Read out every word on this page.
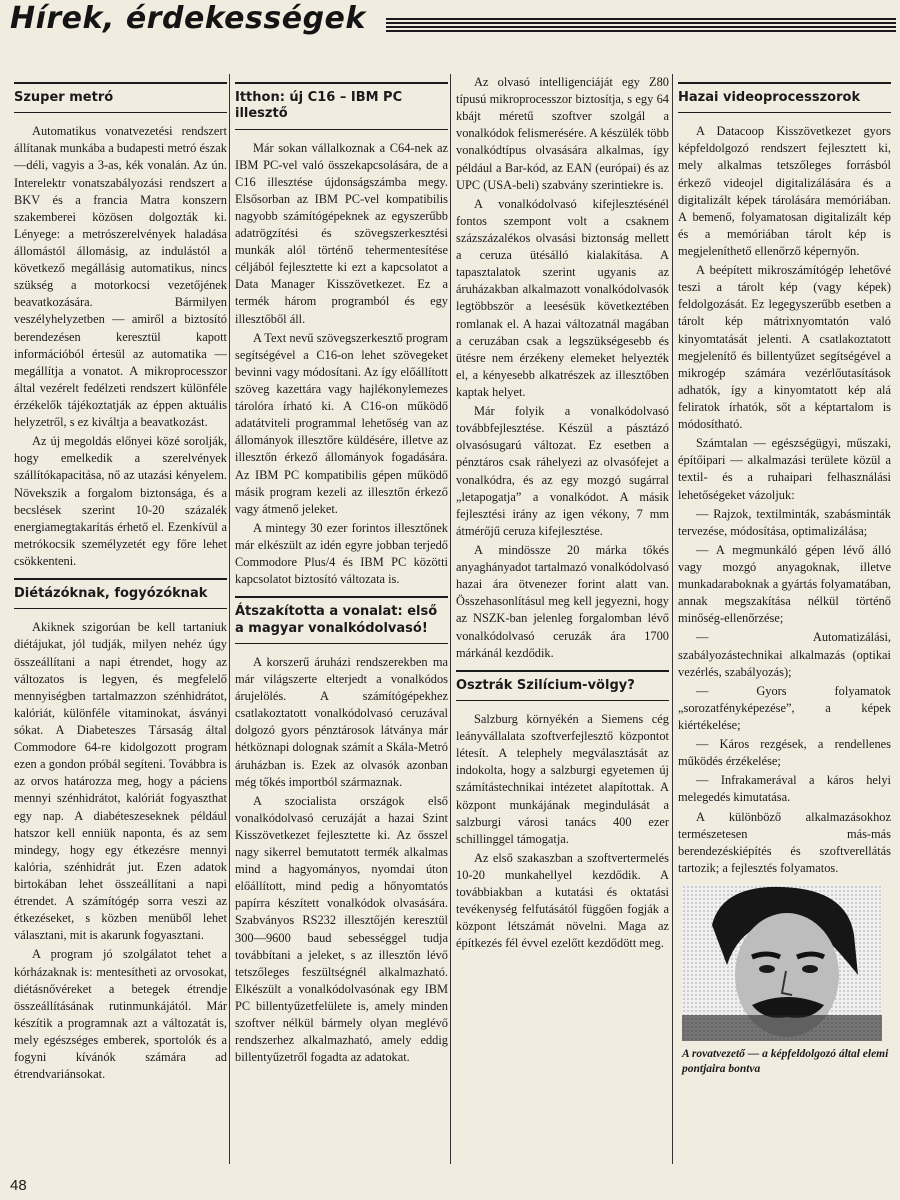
Hírek, érdekességek
Szuper metró

Automatikus vonatvezetési rendszert állítanak munkába a budapesti metró észak—déli, vagyis a 3-as, kék vonalán. Az ún. Interelektr vonatszabályozási rendszert a BKV és a francia Matra konszern szakemberei közösen dolgozták ki. Lényege: a metrószerelvények haladása állomástól állomásig, az indulástól a következő megállásig automatikus, nincs szükség a motorkocsi vezetőjének beavatkozására. Bármilyen veszélyhelyzetben — amiről a biztosító berendezésen keresztül kapott információból értesül az automatika — megállítja a vonatot. A mikroprocesszor által vezérelt fedélzeti rendszert különféle érzékelők tájékoztatják az éppen aktuális helyzetről, s ez kiváltja a beavatkozást.

Az új megoldás előnyei közé sorolják, hogy emelkedik a szerelvények szállítókapacitása, nő az utazási kényelem. Növekszik a forgalom biztonsága, és a becslések szerint 10-20 százalék energiamegtakarítás érhető el. Ezenkívül a metrókocsik személyzetét egy főre lehet csökkenteni.

Diétázóknak, fogyózóknak

Akiknek szigorúan be kell tartaniuk diétájukat, jól tudják, milyen nehéz úgy összeállítani a napi étrendet, hogy az változatos is legyen, és megfelelő mennyiségben tartalmazzon szénhidrátot, kalóriát, különféle vitaminokat, ásványi sókat. A Diabeteszes Társaság által Commodore 64-re kidolgozott program ezen a gondon próbál segíteni. Továbbra is az orvos határozza meg, hogy a páciens mennyi szénhidrátot, kalóriát fogyaszthat egy nap. A diabéteszeseknek például hatszor kell enniük naponta, és az sem mindegy, hogy egy étkezésre mennyi kalória, szénhidrát jut. Ezen adatok birtokában lehet összeállítani a napi étrendet. A számítógép sorra veszi az étkezéseket, s közben menüből lehet választani, mit is akarunk fogyasztani.

A program jó szolgálatot tehet a kórházaknak is: mentesítheti az orvosokat, diétásnővéreket a betegek étrendje összeállításának rutinmunkájától. Már készítik a programnak azt a változatát is, mely egészséges emberek, sportolók és a fogyni kívánók számára ad étrendvariánsokat.

Itthon: új C16 – IBM PC illesztő

Már sokan vállalkoznak a C64-nek az IBM PC-vel való összekapcsolására, de a C16 illesztése újdonságszámba megy. Elsősorban az IBM PC-vel kompatibilis nagyobb számítógépeknek az egyszerűbb adatrögzítési és szövegszerkesztési munkák alól történő tehermentesítése céljából fejlesztette ki ezt a kapcsolatot a Data Manager Kisszövetkezet. Ez a termék három programból és egy illesztőből áll.

A Text nevű szövegszerkesztő program segítségével a C16-on lehet szövegeket bevinni vagy módosítani. Az így előállított szöveg kazettára vagy hajlékonylemezes tárolóra írható ki. A C16-on működő adatátviteli programmal lehetőség van az állományok illesztőre küldésére, illetve az illesztőn érkező állományok fogadására. Az IBM PC kompatibilis gépen működő másik program kezeli az illesztőn érkező vagy átmenő jeleket.

A mintegy 30 ezer forintos illesztőnek már elkészült az idén egyre jobban terjedő Commodore Plus/4 és IBM PC közötti kapcsolatot biztosító változata is.

Átszakította a vonalat: első a magyar vonalkódolvasó!

A korszerű áruházi rendszerekben ma már világszerte elterjedt a vonalkódos árujelölés. A számítógépekhez csatlakoztatott vonalkódolvasó ceruzával dolgozó gyors pénztárosok látványa már hétköznapi dolognak számít a Skála-Metró áruházban is. Ezek az olvasók azonban még tőkés importból származnak.

A szocialista országok első vonalkódolvasó ceruzáját a hazai Szint Kisszövetkezet fejlesztette ki. Az ősszel nagy sikerrel bemutatott termék alkalmas mind a hagyományos, nyomdai úton előállított, mind pedig a hőnyomtatós papírra készített vonalkódok olvasására. Szabványos RS232 illesztőjén keresztül 300—9600 baud sebességgel tudja továbbítani a jeleket, s az illesztőn lévő tetszőleges feszültségnél alkalmazható. Elkészült a vonalkódolvasónak egy IBM PC billentyűzetfelülete is, amely minden szoftver nélkül bármely olyan meglévő rendszerhez alkalmazható, amely eddig billentyűzetről fogadta az adatokat.

Az olvasó intelligenciáját egy Z80 típusú mikroprocesszor biztosítja, s egy 64 kbájt méretű szoftver szolgál a vonalkódok felismerésére. A készülék több vonalkódtípus olvasására alkalmas, így például a Bar-kód, az EAN (európai) és az UPC (USA-beli) szabvány szerintiekre is.

A vonalkódolvasó kifejlesztésénél fontos szempont volt a csaknem százszázalékos olvasási biztonság mellett a ceruza ütésálló kialakítása. A tapasztalatok szerint ugyanis az áruházakban alkalmazott vonalkódolvasók legtöbbször a leesésük következtében romlanak el. A hazai változatnál magában a ceruzában csak a legszükségesebb és ütésre nem érzékeny elemeket helyezték el, a kényesebb alkatrészek az illesztőben kaptak helyet.

Már folyik a vonalkódolvasó továbbfejlesztése. Készül a pásztázó olvasósugarú változat. Ez esetben a pénztáros csak ráhelyezi az olvasófejet a vonalkódra, és az egy mozgó sugárral „letapogatja” a vonalkódot. A másik fejlesztési irány az igen vékony, 7 mm átmérőjű ceruza kifejlesztése.

A mindössze 20 márka tőkés anyaghányadot tartalmazó vonalkódolvasó hazai ára ötvenezer forint alatt van. Összehasonlításul meg kell jegyezni, hogy az NSZK-ban jelenleg forgalomban lévő vonalkódolvasó ceruzák ára 1700 márkánál kezdődik.

Osztrák Szilícium-völgy?

Salzburg környékén a Siemens cég leányvállalata szoftverfejlesztő központot létesít. A telephely megválasztását az indokolta, hogy a salzburgi egyetemen új számítástechnikai intézetet alapítottak. A központ munkájának megindulását a salzburgi városi tanács 400 ezer schillinggel támogatja.

Az első szakaszban a szoftvertermelés 10-20 munkahellyel kezdődik. A továbbiakban a kutatási és oktatási tevékenység felfutásától függően fogják a központ létszámát növelni. Maga az építkezés fél évvel ezelőtt kezdődött meg.

Hazai videoprocesszorok

A Datacoop Kisszövetkezet gyors képfeldolgozó rendszert fejlesztett ki, mely alkalmas tetszőleges forrásból érkező videojel digitalizálására és a digitalizált képek tárolására memóriában. A bemenő, folyamatosan digitalizált kép és a memóriában tárolt kép is megjeleníthető ellenőrző képernyőn.

A beépített mikroszámítógép lehetővé teszi a tárolt kép (vagy képek) feldolgozását. Ez legegyszerűbb esetben a tárolt kép mátrixnyomtatón való kinyomtatását jelenti. A csatlakoztatott megjelenítő és billentyűzet segítségével a mikrogép számára vezérlőutasítások adhatók, így a kinyomtatott kép alá feliratok írhatók, sőt a képtartalom is módosítható.

Számtalan — egészségügyi, műszaki, építőipari — alkalmazási területe közül a textil- és a ruhaipari felhasználási lehetőségeket vázoljuk:

— Rajzok, textilminták, szabásminták tervezése, módosítása, optimalizálása;

— A megmunkáló gépen lévő álló vagy mozgó anyagoknak, illetve munkadaraboknak a gyártás folyamatában, annak megszakítása nélkül történő minőség-ellenőrzése;

— Automatizálási, szabályozástechnikai alkalmazás (optikai vezérlés, szabályozás);

— Gyors folyamatok „sorozatfényképezése”, a képek kiértékelése;

— Káros rezgések, a rendellenes működés érzékelése;

— Infrakamerával a káros helyi melegedés kimutatása.

A különböző alkalmazásokhoz természetesen más-más berendezéskiépítés és szoftverellátás tartozik; a fejlesztés folyamatos.

A rovatvezető — a képfeldolgozó által elemi pontjaira bontva
48
